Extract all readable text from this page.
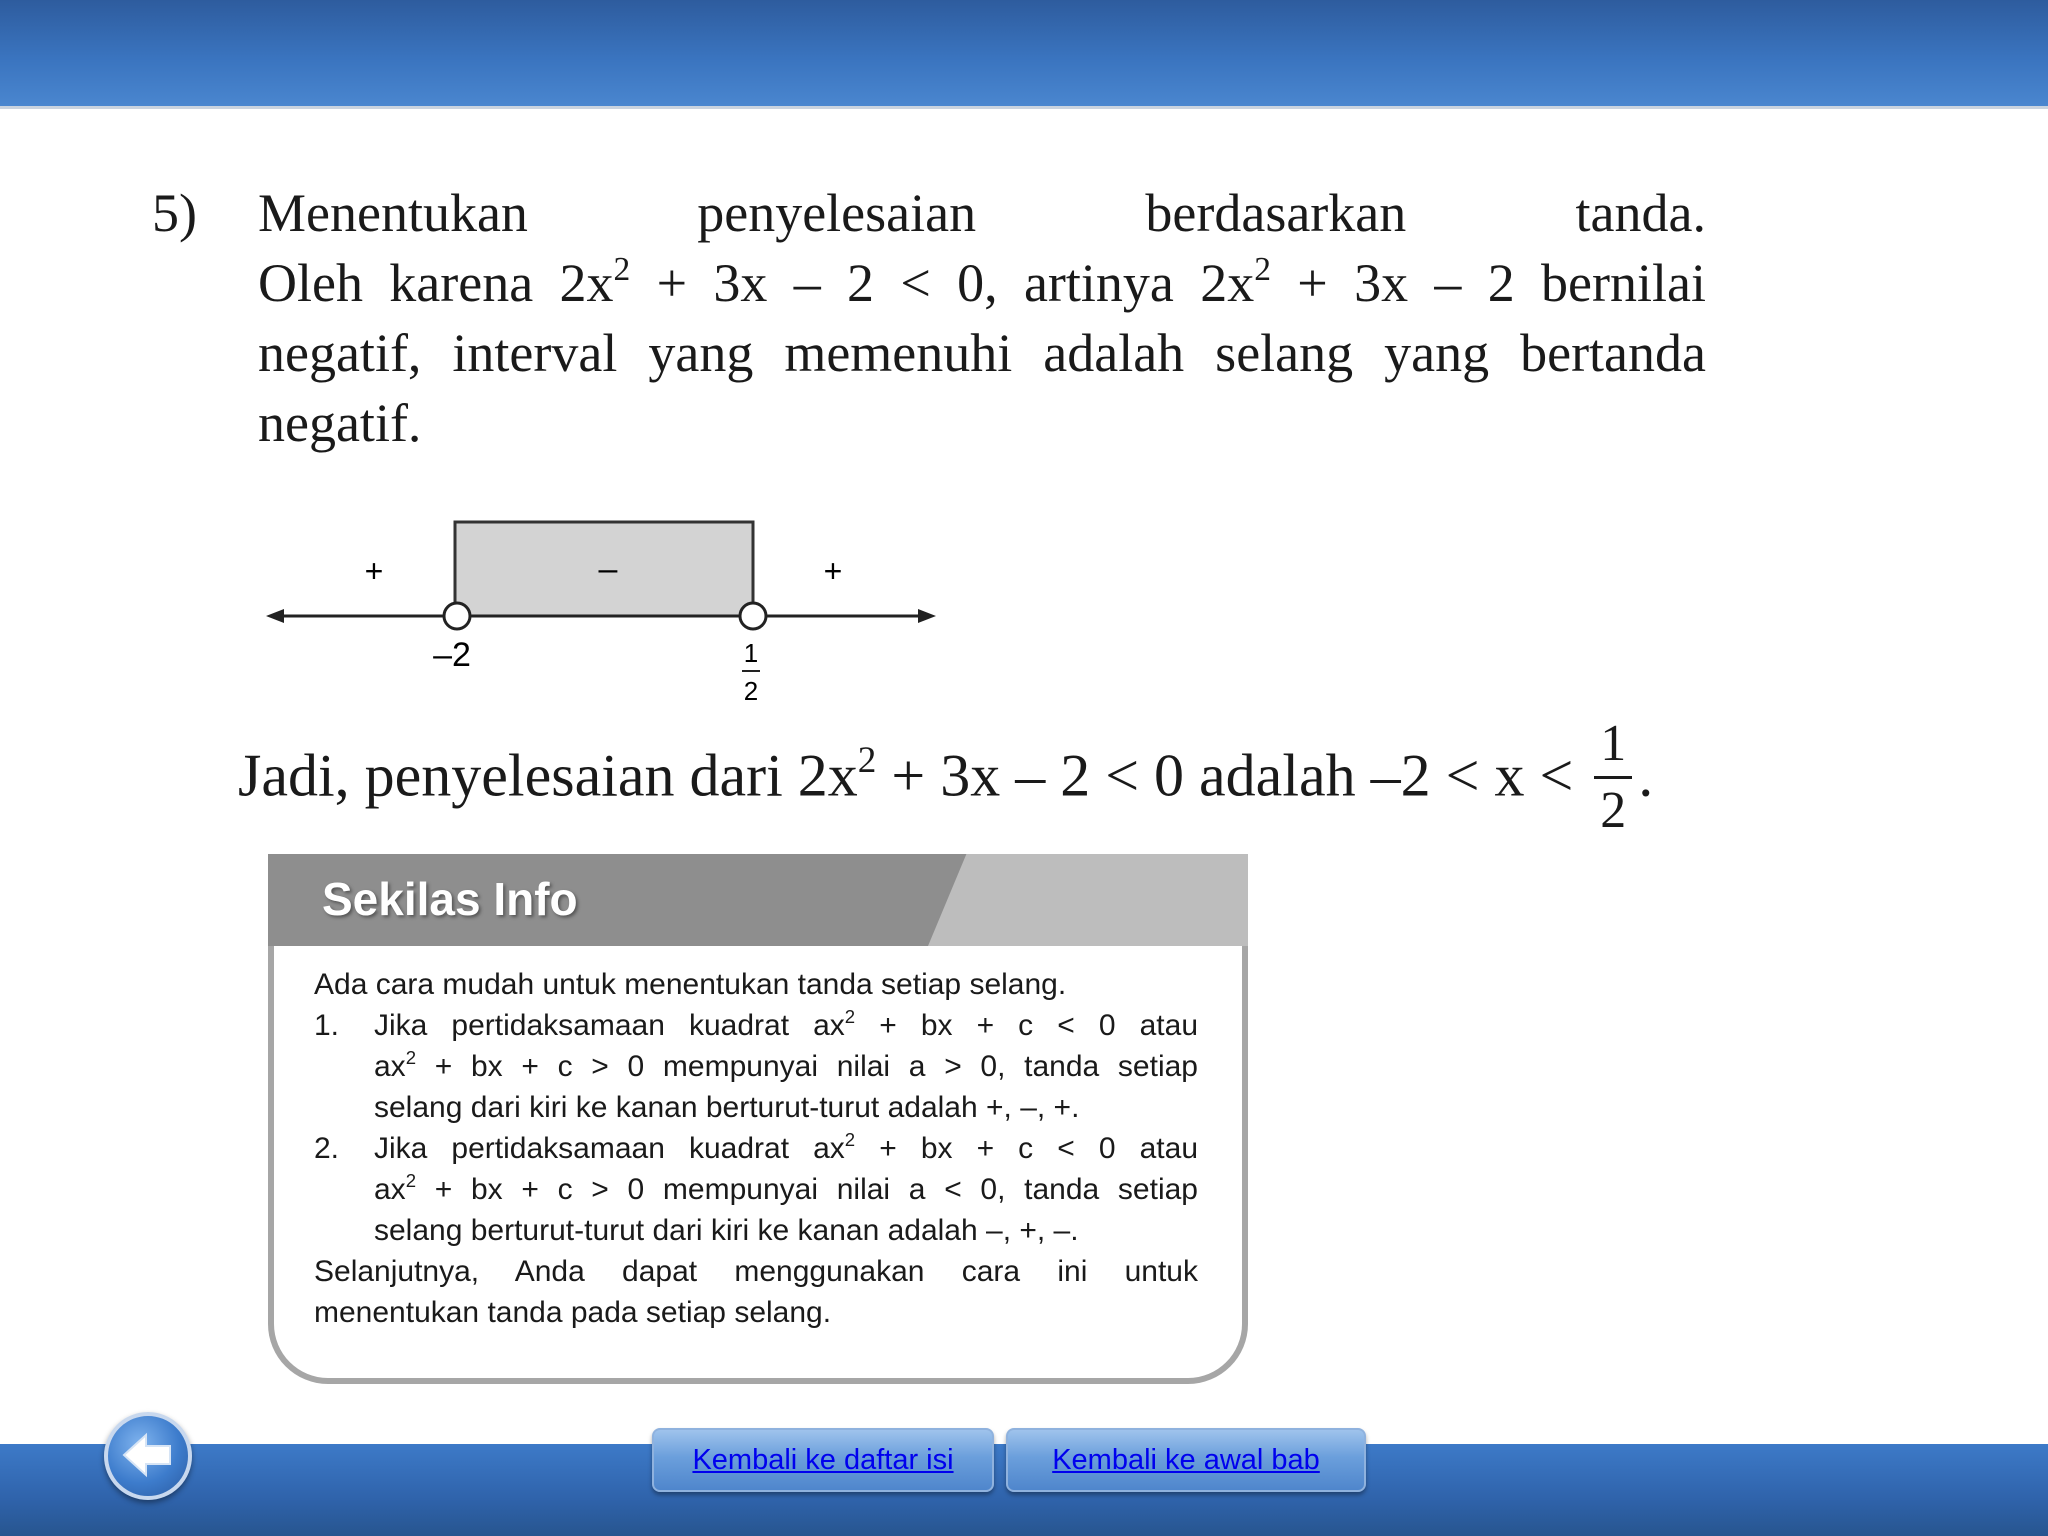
5) Menentukan penyelesaian berdasarkan tanda.
Oleh karena $2x^2 + 3x - 2 < 0$, artinya $2x^2 + 3x - 2$ bernilai
negatif, interval yang memenuhi adalah selang yang bertanda
negatif.
+	–	+
–2	1
2
Jadi, penyelesaian dari $2x^2 + 3x - 2 < 0$ adalah $-2 < x < \frac{1}{2}$ .
Sekilas Info
Ada cara mudah untuk menentukan tanda setiap selang.
1. Jika pertidaksamaan kuadrat $ax^2$ + bx + c < 0 atau
$ax^2$ + bx + c > 0 mempunyai nilai a > 0, tanda setiap
selang dari kiri ke kanan berturut-turut adalah +, –, +.
2. Jika pertidaksamaan kuadrat $ax^2$ + bx + c < 0 atau
$ax^2$ + bx + c > 0 mempunyai nilai a < 0, tanda setiap
selang berturut-turut dari kiri ke kanan adalah –, +, –.
Selanjutnya, Anda dapat menggunakan cara ini untuk
menentukan tanda pada setiap selang.
Kembali ke daftar isi	Kembali ke awal bab
